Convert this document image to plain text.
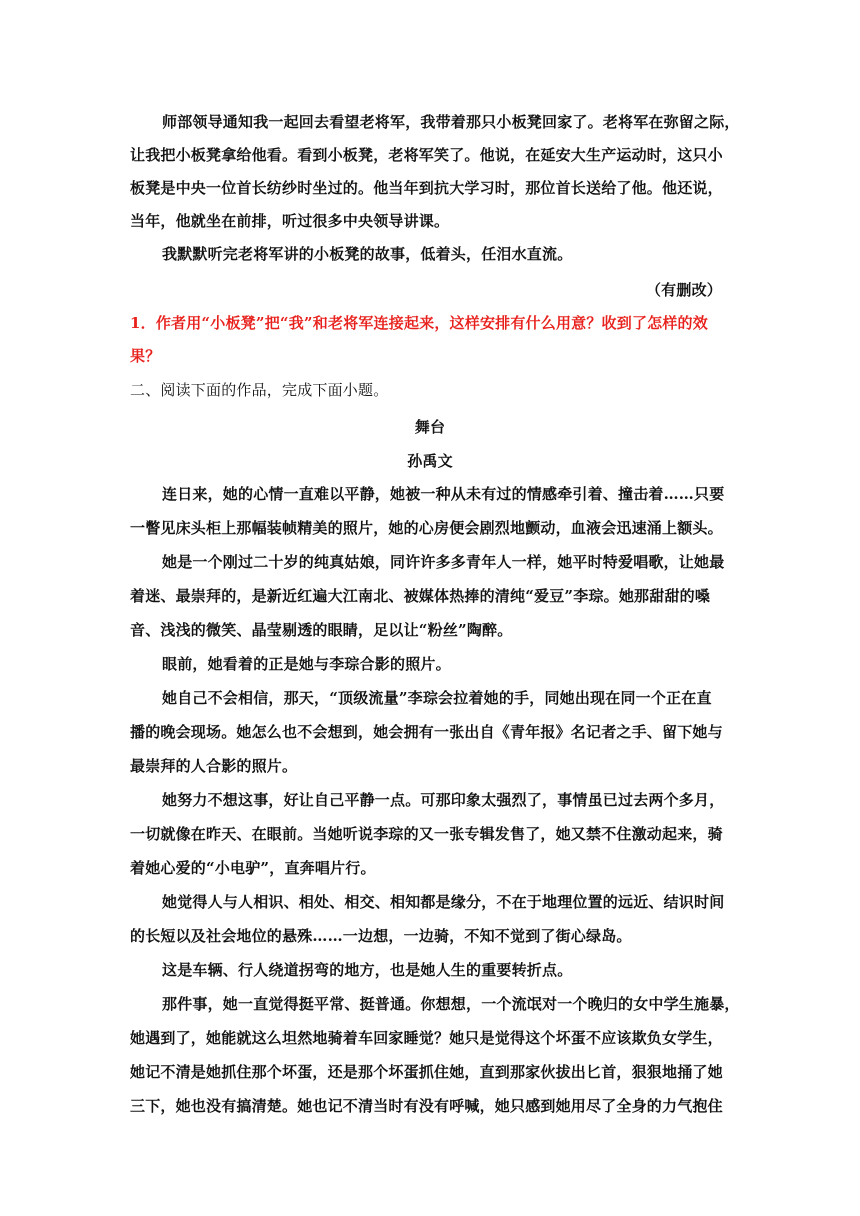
师部领导通知我一起回去看望老将军，我带着那只小板凳回家了。老将军在弥留之际，
让我把小板凳拿给他看。看到小板凳，老将军笑了。他说，在延安大生产运动时，这只小
板凳是中央一位首长纺纱时坐过的。他当年到抗大学习时，那位首长送给了他。他还说，
当年，他就坐在前排，听过很多中央领导讲课。
我默默听完老将军讲的小板凳的故事，低着头，任泪水直流。
（有删改）
1．作者用“小板凳”把“我”和老将军连接起来，这样安排有什么用意？收到了怎样的效
果？
二、阅读下面的作品，完成下面小题。
舞台
孙禹文
连日来，她的心情一直难以平静，她被一种从未有过的情感牵引着、撞击着……只要
一瞥见床头柜上那幅装帧精美的照片，她的心房便会剧烈地颤动，血液会迅速涌上额头。
她是一个刚过二十岁的纯真姑娘，同许许多多青年人一样，她平时特爱唱歌，让她最
着迷、最崇拜的，是新近红遍大江南北、被媒体热捧的清纯“爱豆”李琮。她那甜甜的嗓
音、浅浅的微笑、晶莹剔透的眼睛，足以让“粉丝”陶醉。
眼前，她看着的正是她与李琮合影的照片。
她自己不会相信，那天，“顶级流量”李琮会拉着她的手，同她出现在同一个正在直
播的晚会现场。她怎么也不会想到，她会拥有一张出自《青年报》名记者之手、留下她与
最崇拜的人合影的照片。
她努力不想这事，好让自己平静一点。可那印象太强烈了，事情虽已过去两个多月，
一切就像在昨天、在眼前。当她听说李琮的又一张专辑发售了，她又禁不住激动起来，骑
着她心爱的“小电驴”，直奔唱片行。
她觉得人与人相识、相处、相交、相知都是缘分，不在于地理位置的远近、结识时间
的长短以及社会地位的悬殊……一边想，一边骑，不知不觉到了街心绿岛。
这是车辆、行人绕道拐弯的地方，也是她人生的重要转折点。
那件事，她一直觉得挺平常、挺普通。你想想，一个流氓对一个晚归的女中学生施暴，
她遇到了，她能就这么坦然地骑着车回家睡觉？她只是觉得这个坏蛋不应该欺负女学生，
她记不清是她抓住那个坏蛋，还是那个坏蛋抓住她，直到那家伙拔出匕首，狠狠地捅了她
三下，她也没有搞清楚。她也记不清当时有没有呼喊，她只感到她用尽了全身的力气抱住
